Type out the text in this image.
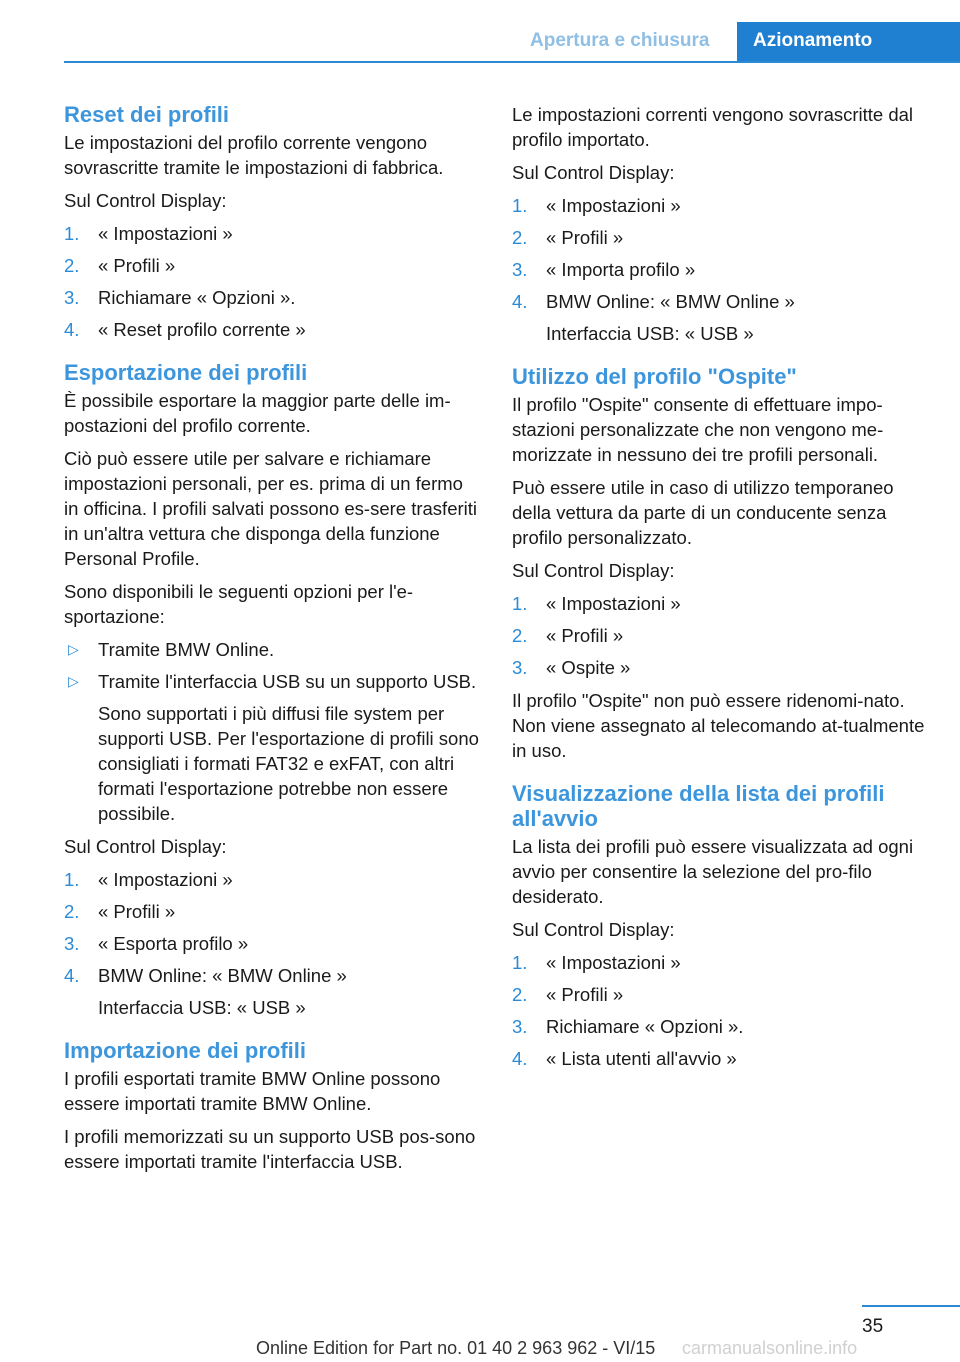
Apertura e chiusura	Azionamento
Reset dei profili

Le impostazioni del profilo corrente vengono sovrascritte tramite le impostazioni di fabbrica.

Sul Control Display:

1. « Impostazioni »
2. « Profili »
3. Richiamare « Opzioni ».
4. « Reset profilo corrente »
Esportazione dei profili

È possibile esportare la maggior parte delle im-postazioni del profilo corrente.

Ciò può essere utile per salvare e richiamare impostazioni personali, per es. prima di un fermo in officina. I profili salvati possono es-sere trasferiti in un'altra vettura che disponga della funzione Personal Profile.

Sono disponibili le seguenti opzioni per l'e-sportazione:

▷ Tramite BMW Online.
▷ Tramite l'interfaccia USB su un supporto USB.
Sono supportati i più diffusi file system per supporti USB. Per l'esportazione di profili sono consigliati i formati FAT32 e exFAT, con altri formati l'esportazione potrebbe non essere possibile.

Sul Control Display:

1. « Impostazioni »
2. « Profili »
3. « Esporta profilo »
4. BMW Online: « BMW Online »
Interfaccia USB: « USB »
Importazione dei profili

I profili esportati tramite BMW Online possono essere importati tramite BMW Online.

I profili memorizzati su un supporto USB pos-sono essere importati tramite l'interfaccia USB.

Le impostazioni correnti vengono sovrascritte dal profilo importato.

Sul Control Display:

1. « Impostazioni »
2. « Profili »
3. « Importa profilo »
4. BMW Online: « BMW Online »
Interfaccia USB: « USB »
Utilizzo del profilo "Ospite"

Il profilo "Ospite" consente di effettuare impo-stazioni personalizzate che non vengono me-morizzate in nessuno dei tre profili personali.

Può essere utile in caso di utilizzo temporaneo della vettura da parte di un conducente senza profilo personalizzato.

Sul Control Display:

1. « Impostazioni »
2. « Profili »
3. « Ospite »

Il profilo "Ospite" non può essere ridenomi-nato. Non viene assegnato al telecomando at-tualmente in uso.

Visualizzazione della lista dei profili all'avvio

La lista dei profili può essere visualizzata ad ogni avvio per consentire la selezione del pro-filo desiderato.

Sul Control Display:

1. « Impostazioni »
2. « Profili »
3. Richiamare « Opzioni ».
4. « Lista utenti all'avvio »
35
Online Edition for Part no. 01 40 2 963 962 - VI/15 carmanualsonline.info
